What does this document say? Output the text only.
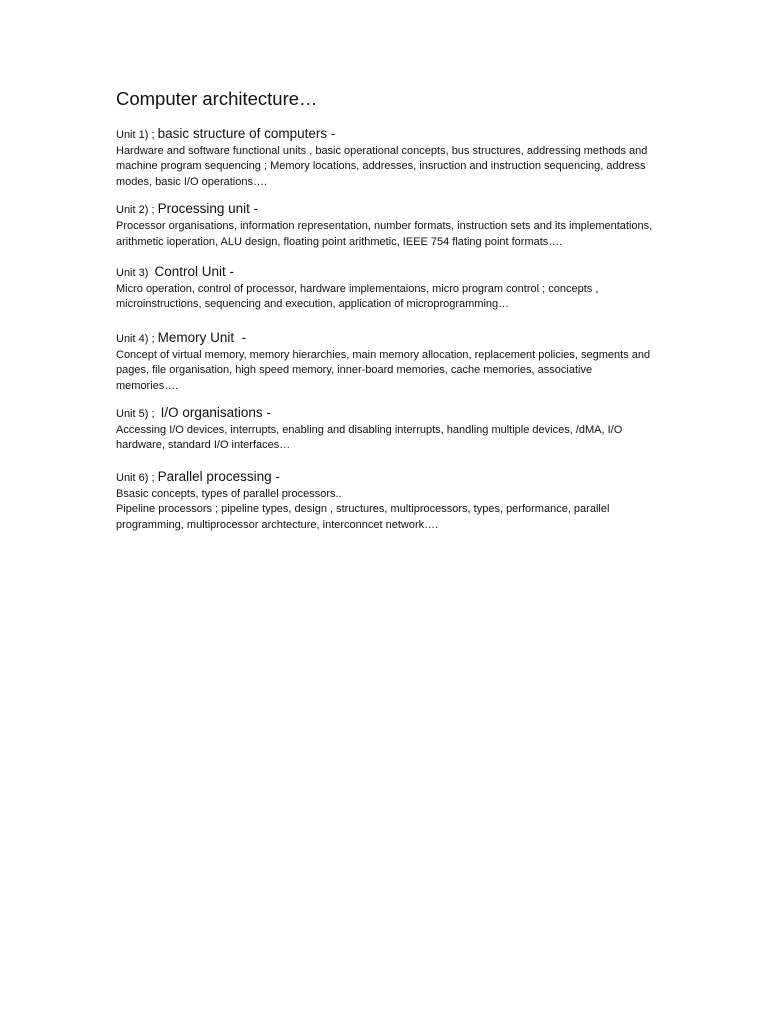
Computer architecture…
Unit 1) ; basic structure of computers -

Hardware and software functional units , basic operational concepts, bus structures, addressing methods and machine program sequencing ; Memory locations, addresses, insruction and instruction sequencing, address modes, basic I/O operations….

Unit 2) ; Processing unit -

Processor organisations, information representation, number formats, instruction sets and its implementations, arithmetic ioperation, ALU design, floating point arithmetic, IEEE 754 flating point formats….

Unit 3)  Control Unit -

Micro operation, control of processor, hardware implementaions, micro program control ; concepts , microinstructions, sequencing and execution, application of microprogramming…

Unit 4) ; Memory Unit  -

Concept of virtual memory, memory hierarchies, main memory allocation, replacement policies, segments and pages, file organisation, high speed memory, inner-board memories, cache memories, associative memories….

Unit 5) ;  I/O organisations -

Accessing I/O devices, interrupts, enabling and disabling interrupts, handling multiple devices, /dMA, I/O hardware, standard I/O interfaces…

Unit 6) ; Parallel processing -

Bsasic concepts, types of parallel processors..

Pipeline processors ; pipeline types, design , structures, multiprocessors, types, performance, parallel programming, multiprocessor archtecture, interconncet network….
